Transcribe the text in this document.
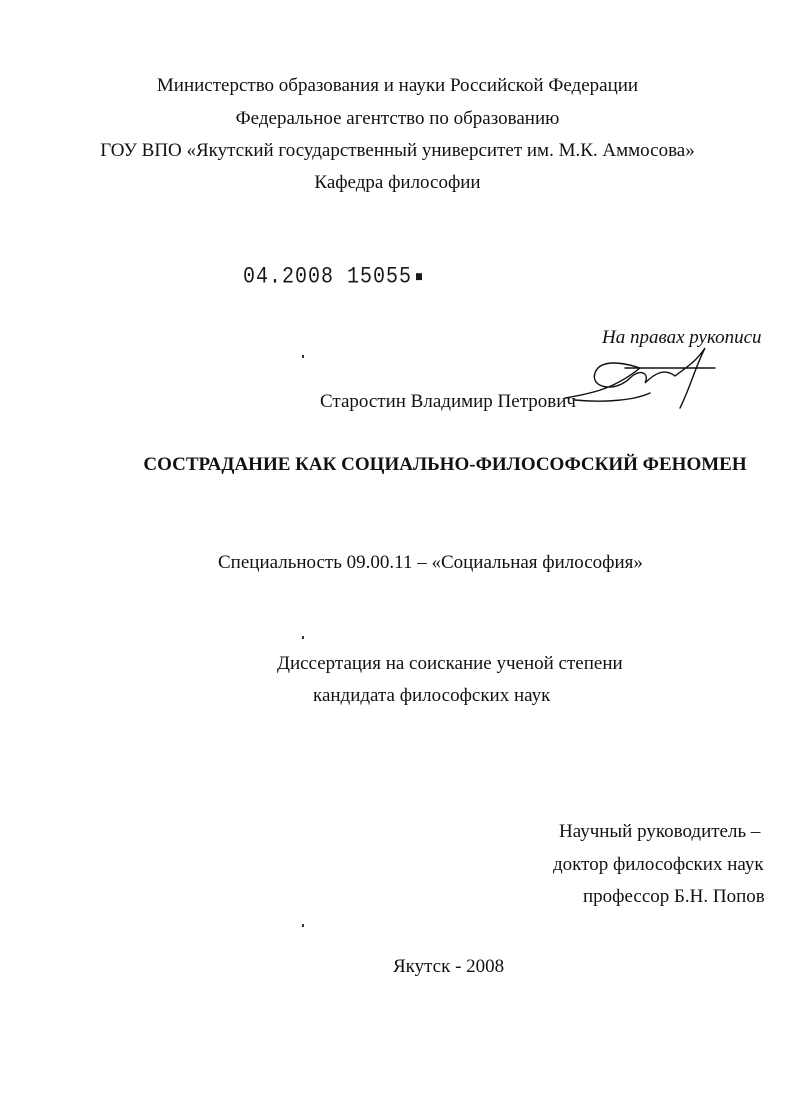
Министерство образования и науки Российской Федерации
Федеральное агентство по образованию
ГОУ ВПО «Якутский государственный университет им. М.К. Аммосова»
Кафедра философии
04.2008 15055
На правах рукописи
Старостин Владимир Петрович
СОСТРАДАНИЕ КАК СОЦИАЛЬНО-ФИЛОСОФСКИЙ ФЕНОМЕН
Специальность 09.00.11 – «Социальная философия»
Диссертация на соискание ученой степени
кандидата философских наук
Научный руководитель –
доктор философских наук
профессор Б.Н. Попов
Якутск - 2008
